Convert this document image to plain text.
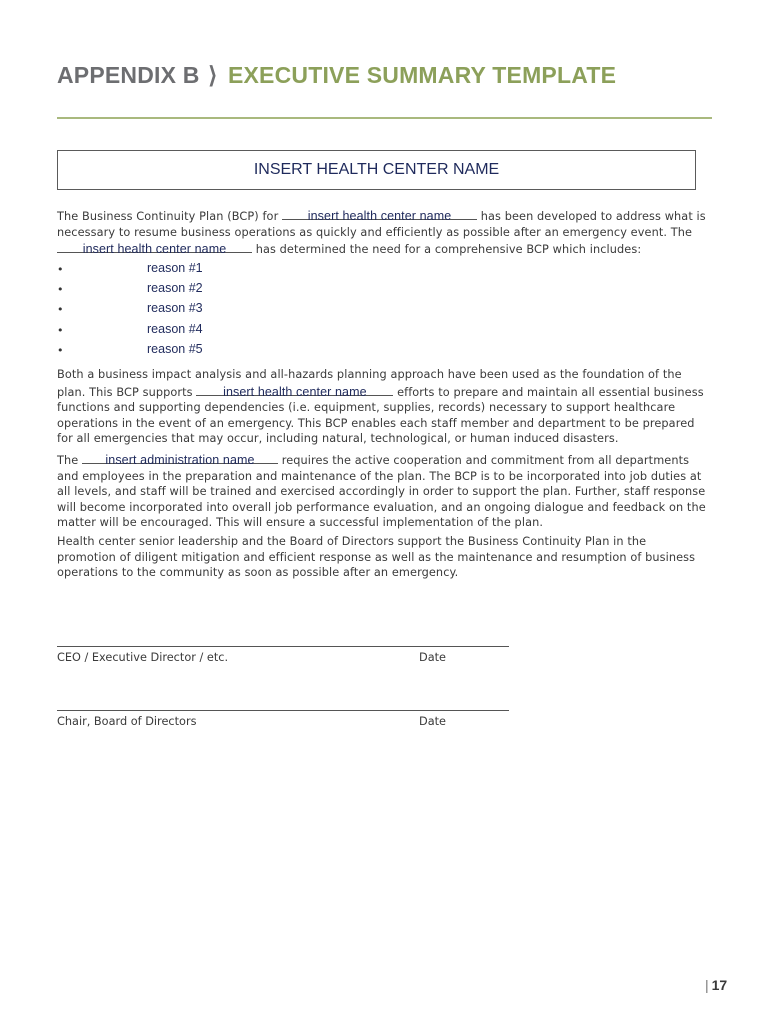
APPENDIX B ⟩ EXECUTIVE SUMMARY TEMPLATE
INSERT HEALTH CENTER NAME

The Business Continuity Plan (BCP) for insert health center name	has been developed to address what is necessary to resume business operations as quickly and efficiently as possible after an emergency event. The insert health center name	has determined the need for a comprehensive BCP which includes:

•	reason #1
•	reason #2
•	reason #3
•	reason #4
•	reason #5

Both a business impact analysis and all-hazards planning approach have been used as the foundation of the plan. This BCP supports insert health center name	efforts to prepare and maintain all essential business functions and supporting dependencies (i.e. equipment, supplies, records) necessary to support healthcare operations in the event of an emergency. This BCP enables each staff member and department to be prepared for all emergencies that may occur, including natural, technological, or human induced disasters.

The insert administration name requires the active cooperation and commitment from all departments and employees in the preparation and maintenance of the plan. The BCP is to be incorporated into job duties at all levels, and staff will be trained and exercised accordingly in order to support the plan. Further, staff response will become incorporated into overall job performance evaluation, and an ongoing dialogue and feedback on the matter will be encouraged. This will ensure a successful implementation of the plan.

Health center senior leadership and the Board of Directors support the Business Continuity Plan in the promotion of diligent mitigation and efficient response as well as the maintenance and resumption of business operations to the community as soon as possible after an emergency.

CEO / Executive Director / etc.	Date
Chair, Board of Directors	Date
| 17
